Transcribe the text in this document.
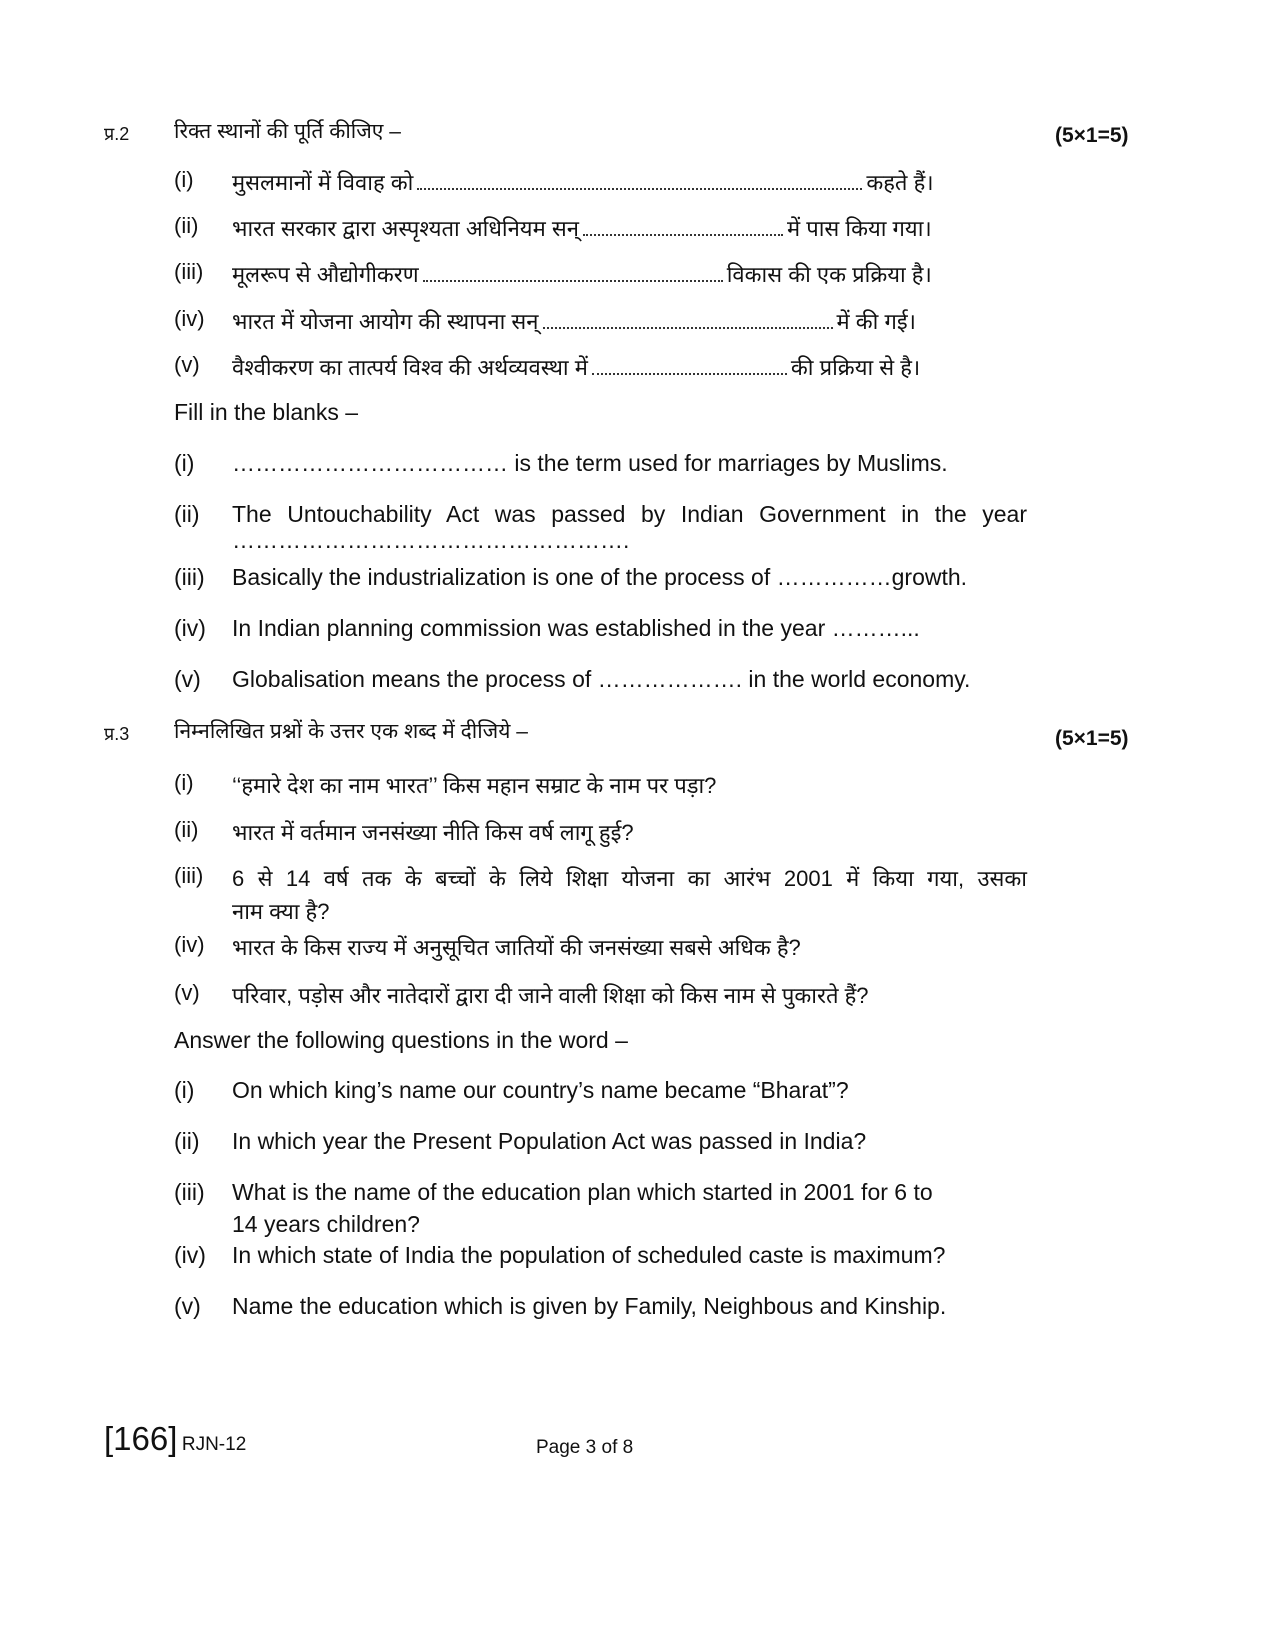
प्र.2 रिक्त स्थानों की पूर्ति कीजिए –	(5×1=5)
(i)	मुसलमानों में विवाह को	कहते हैं।
(ii)	भारत सरकार द्वारा अस्पृश्यता अधिनियम सन्	में पास किया गया।
(iii)	मूलरूप से औद्योगीकरण	विकास की एक प्रक्रिया है।
(iv)	भारत में योजना आयोग की स्थापना सन्	में की गई।
(v)	वैश्वीकरण का तात्पर्य विश्व की अर्थव्यवस्था में	की प्रक्रिया से है।
Fill in the blanks –
(i)	……………………………… is the term used for marriages by Muslims.
(ii)	The Untouchability Act was passed by Indian Government in the year
…………………………………………….
(iii)	Basically the industrialization is one of the process of ……………growth.
(iv)	In Indian planning commission was established in the year ………...
(v)	Globalisation means the process of ………………. in the world economy.
प्र.3 निम्नलिखित प्रश्नों के उत्तर एक शब्द में दीजिये –	(5×1=5)
(i)	‘‘हमारे देश का नाम भारत’’ किस महान सम्राट के नाम पर पड़ा?
(ii)	भारत में वर्तमान जनसंख्या नीति किस वर्ष लागू हुई?
(iii)	6 से 14 वर्ष तक के बच्चों के लिये शिक्षा योजना का आरंभ 2001 में किया गया, उसका
नाम क्या है?
(iv)	भारत के किस राज्य में अनुसूचित जातियों की जनसंख्या सबसे अधिक है?
(v)	परिवार, पड़ोस और नातेदारों द्वारा दी जाने वाली शिक्षा को किस नाम से पुकारते हैं?
Answer the following questions in the word –
(i)	On which king’s name our country’s name became “Bharat”?
(ii)	In which year the Present Population Act was passed in India?
(iii)	What is the name of the education plan which started in 2001 for 6 to
14 years children?
(iv)	In which state of India the population of scheduled caste is maximum?
(v)	Name the education which is given by Family, Neighbous and Kinship.
[166] RJN-12	Page 3 of 8
